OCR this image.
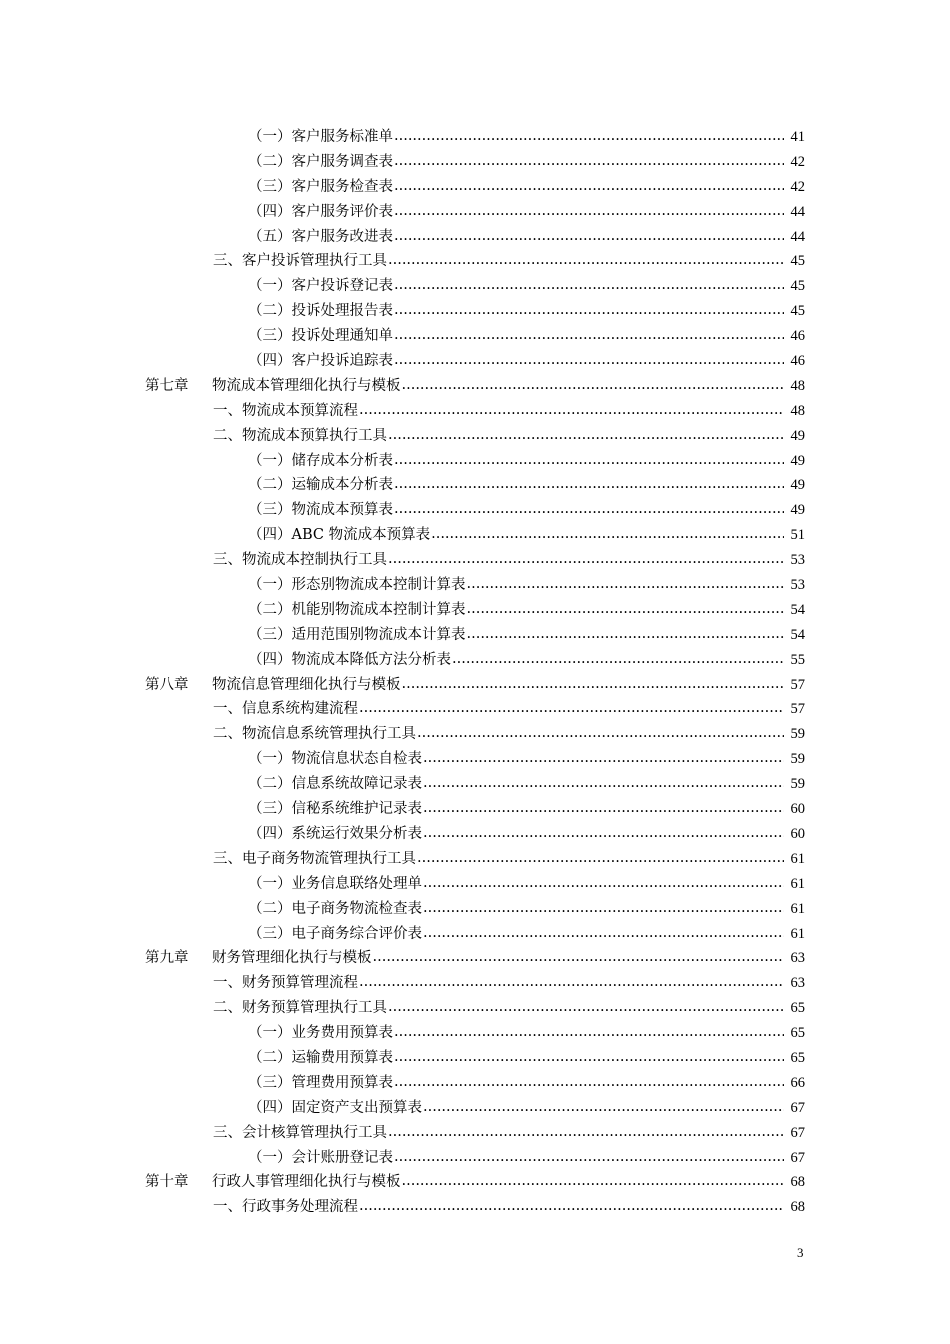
（一）客户服务标准单 .....	41
（二）客户服务调查表 .....	42
（三）客户服务检查表 .....	42
（四）客户服务评价表 .....	44
（五）客户服务改进表 .....	44
三、客户投诉管理执行工具 .....	45
（一）客户投诉登记表 .....	45
（二）投诉处理报告表 .....	45
（三）投诉处理通知单 .....	46
（四）客户投诉追踪表 .....	46
第七章 物流成本管理细化执行与模板 .....	48
一、物流成本预算流程 .....	48
二、物流成本预算执行工具 .....	49
（一）储存成本分析表 .....	49
（二）运输成本分析表 .....	49
（三）物流成本预算表 .....	49
（四）ABC 物流成本预算表 .....	51
三、物流成本控制执行工具 .....	53
（一）形态别物流成本控制计算表 .....	53
（二）机能别物流成本控制计算表 .....	54
（三）适用范围别物流成本计算表 .....	54
（四）物流成本降低方法分析表 .....	55
第八章 物流信息管理细化执行与模板 .....	57
一、信息系统构建流程 .....	57
二、物流信息系统管理执行工具 .....	59
（一）物流信息状态自检表 .....	59
（二）信息系统故障记录表 .....	59
（三）信秘系统维护记录表 .....	60
（四）系统运行效果分析表 .....	60
三、电子商务物流管理执行工具 .....	61
（一）业务信息联络处理单 .....	61
（二）电子商务物流检查表 .....	61
（三）电子商务综合评价表 .....	61
第九章 财务管理细化执行与模板 .....	63
一、财务预算管理流程 .....	63
二、财务预算管理执行工具 .....	65
（一）业务费用预算表 .....	65
（二）运输费用预算表 .....	65
（三）管理费用预算表 .....	66
（四）固定资产支出预算表 .....	67
三、会计核算管理执行工具 .....	67
（一）会计账册登记表 .....	67
第十章 行政人事管理细化执行与模板 .....	68
一、行政事务处理流程 .....	68
3
